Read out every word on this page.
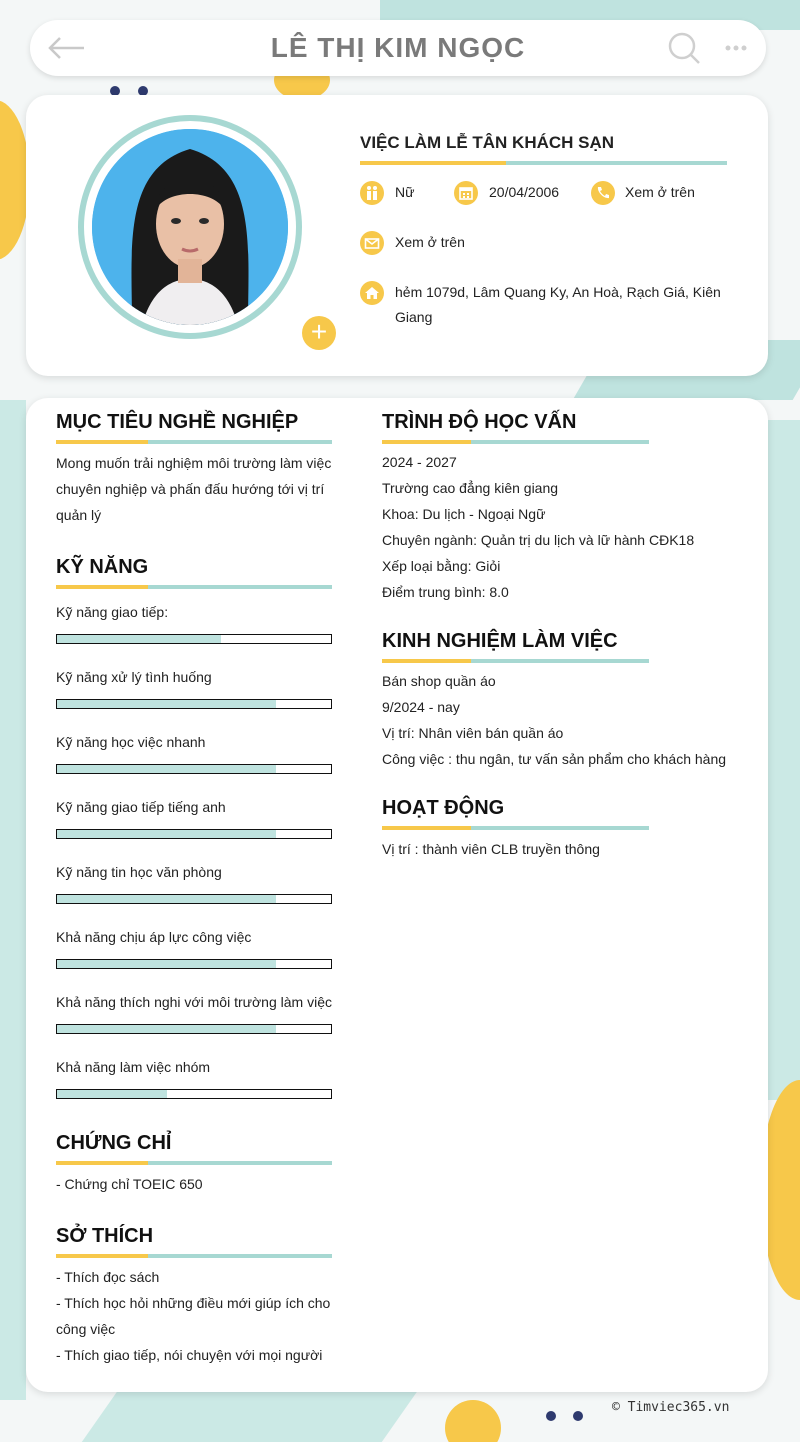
LÊ THỊ KIM NGỌC
+
VIỆC LÀM LỄ TÂN KHÁCH SẠN
Nữ	20/04/2006	Xem ở trên
Xem ở trên
hẻm 1079d, Lâm Quang Ky, An Hoà, Rạch Giá, Kiên
Giang
MỤC TIÊU NGHỀ NGHIỆP
Mong muốn trải nghiệm môi trường làm việc
chuyên nghiệp và phấn đấu hướng tới vị trí
quản lý
KỸ NĂNG
Kỹ năng giao tiếp:
Kỹ năng xử lý tình huống
Kỹ năng học việc nhanh
Kỹ năng giao tiếp tiếng anh
Kỹ năng tin học văn phòng
Khả năng chịu áp lực công việc
Khả năng thích nghi với môi trường làm việc
Khả năng làm việc nhóm
CHỨNG CHỈ
- Chứng chỉ TOEIC 650
SỞ THÍCH
- Thích đọc sách
- Thích học hỏi những điều mới giúp ích cho
công việc
- Thích giao tiếp, nói chuyện với mọi người
TRÌNH ĐỘ HỌC VẤN
2024 - 2027
Trường cao đẳng kiên giang
Khoa: Du lịch - Ngoại Ngữ
Chuyên ngành: Quản trị du lịch và lữ hành CĐK18
Xếp loại bằng: Giỏi
Điểm trung bình: 8.0
KINH NGHIỆM LÀM VIỆC
Bán shop quần áo
9/2024 - nay
Vị trí: Nhân viên bán quần áo
Công việc : thu ngân, tư vấn sản phẩm cho khách hàng
HOẠT ĐỘNG
Vị trí : thành viên CLB truyền thông
© Timviec365.vn
